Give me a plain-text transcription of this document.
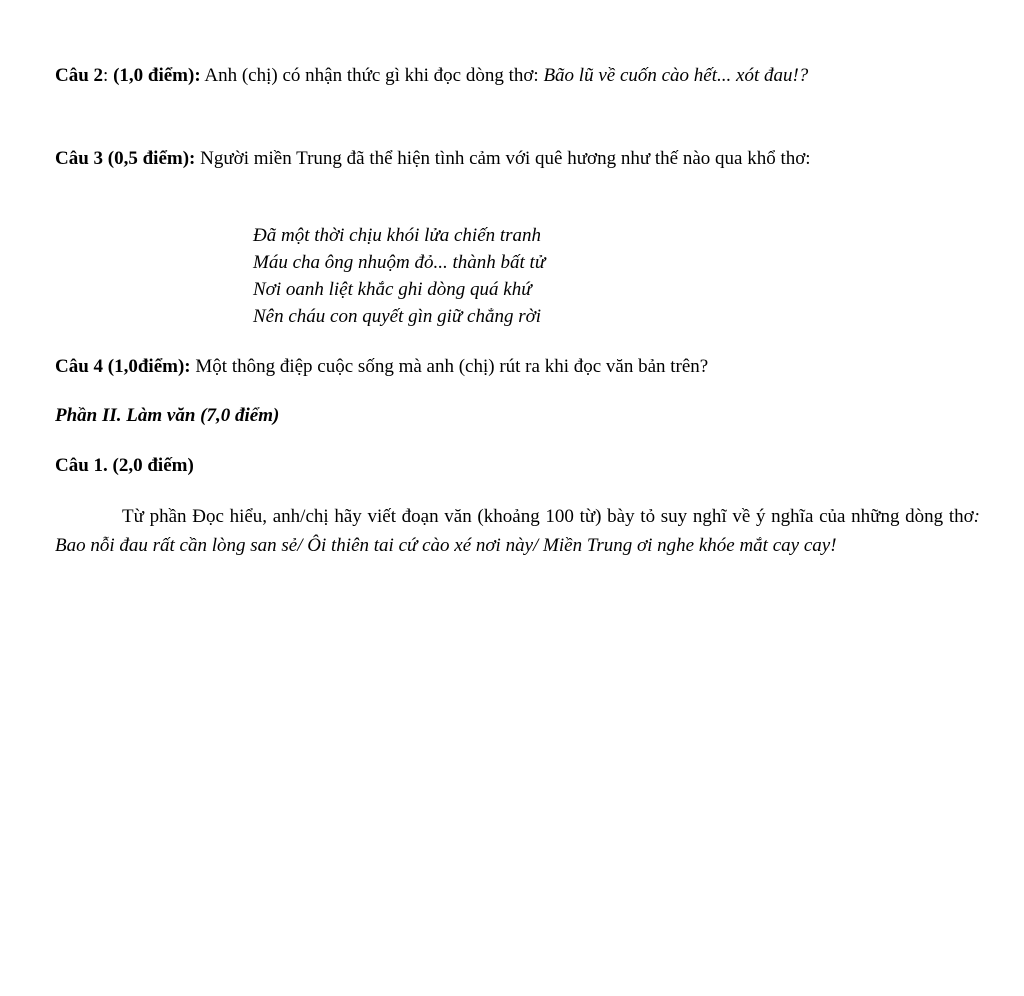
Câu 2: (1,0 điểm): Anh (chị) có nhận thức gì khi đọc dòng thơ: Bão lũ về cuốn cào hết... xót đau!?
Câu 3 (0,5 điểm): Người miền Trung đã thể hiện tình cảm với quê hương như thế nào qua khổ thơ:
Đã một thời chịu khói lửa chiến tranh
Máu cha ông nhuộm đỏ... thành bất tử
Nơi oanh liệt khắc ghi dòng quá khứ
Nên cháu con quyết gìn giữ chẳng rời
Câu 4 (1,0điểm): Một thông điệp cuộc sống mà anh (chị) rút ra khi đọc văn bản trên?
Phần II. Làm văn (7,0 điểm)
Câu 1. (2,0 điếm)
Từ phần Đọc hiểu, anh/chị hãy viết đoạn văn (khoảng 100 từ) bày tỏ suy nghĩ về ý nghĩa của những dòng thơ: Bao nỗi đau rất cần lòng san sẻ/ Ôi thiên tai cứ cào xé nơi này/ Miền Trung ơi nghe khóe mắt cay cay!
